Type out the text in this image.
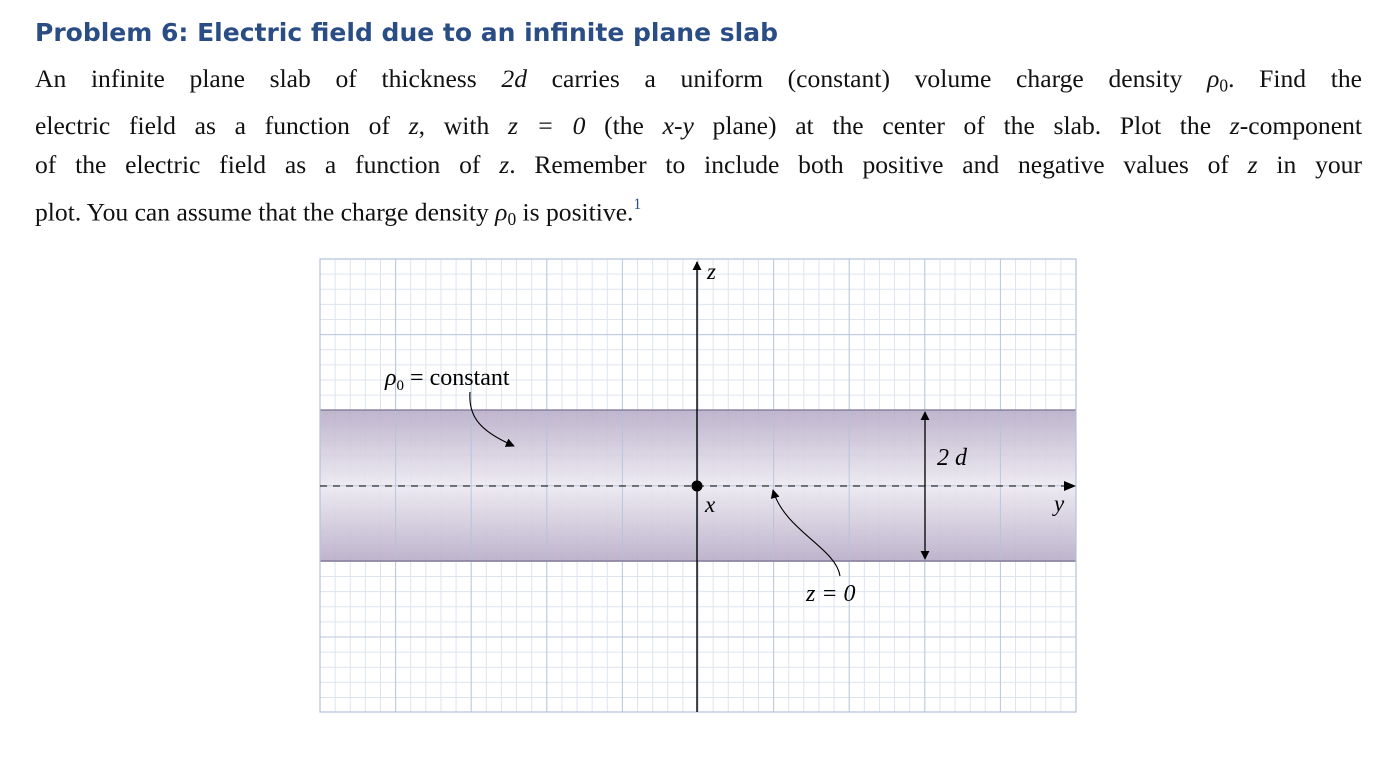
Problem 6: Electric field due to an infinite plane slab
An infinite plane slab of thickness 2d carries a uniform (constant) volume charge density $\rho_0$. Find the
electric field as a function of z, with z = 0 (the x-y plane) at the center of the slab. Plot the z-component
of the electric field as a function of z. Remember to include both positive and negative values of z in your
plot. You can assume that the charge density $\rho_0$ is positive.$^1$
z
y
x
$\rho_0$ = constant
2 d
z = 0
